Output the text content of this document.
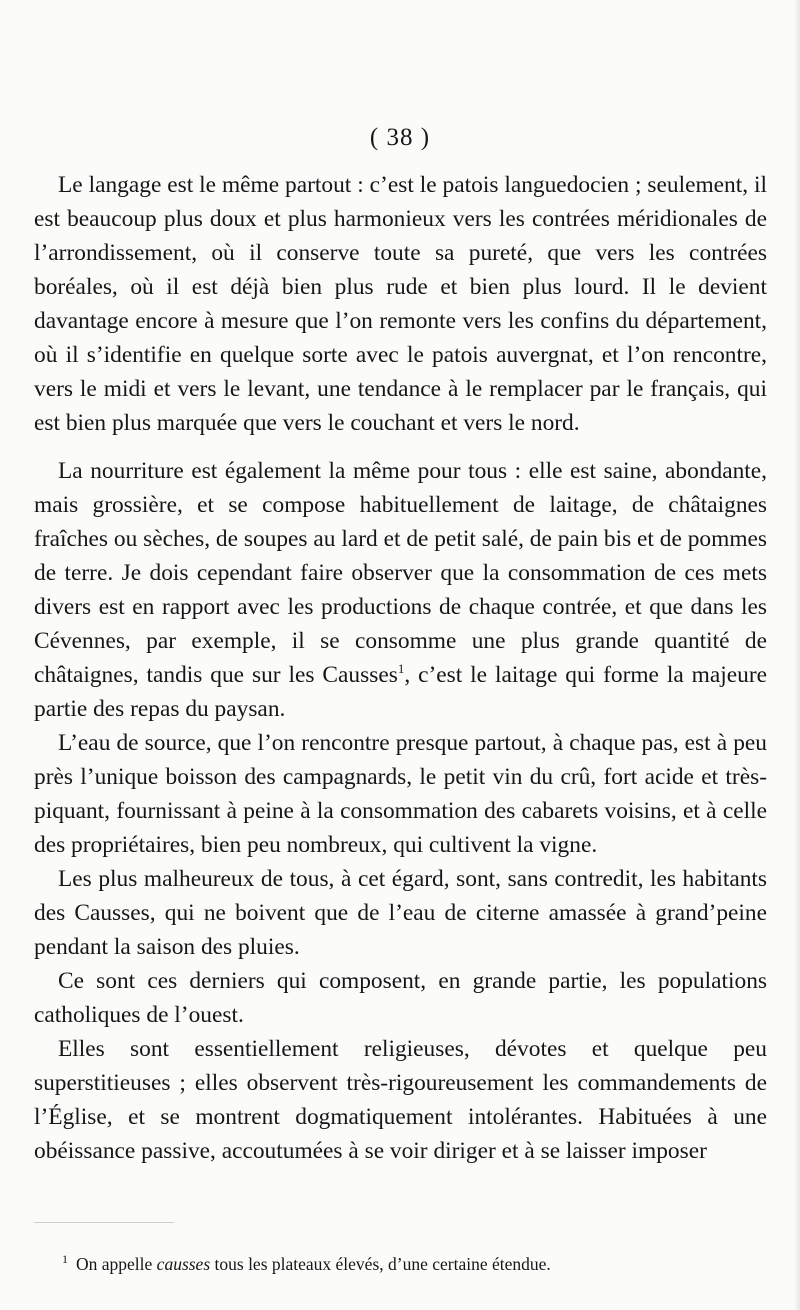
( 38 )

Le langage est le même partout : c’est le patois languedocien ; seulement, il est beaucoup plus doux et plus harmonieux vers les contrées méridionales de l’arrondissement, où il conserve toute sa pureté, que vers les contrées boréales, où il est déjà bien plus rude et bien plus lourd. Il le devient davantage encore à mesure que l’on remonte vers les confins du département, où il s’identifie en quelque sorte avec le patois auvergnat, et l’on rencontre, vers le midi et vers le levant, une tendance à le remplacer par le français, qui est bien plus marquée que vers le couchant et vers le nord.

La nourriture est également la même pour tous : elle est saine, abondante, mais grossière, et se compose habituellement de laitage, de châtaignes fraîches ou sèches, de soupes au lard et de petit salé, de pain bis et de pommes de terre. Je dois cependant faire observer que la consommation de ces mets divers est en rapport avec les productions de chaque contrée, et que dans les Cévennes, par exemple, il se consomme une plus grande quantité de châtaignes, tandis que sur les Causses$^1$, c’est le laitage qui forme la majeure partie des repas du paysan.

L’eau de source, que l’on rencontre presque partout, à chaque pas, est à peu près l’unique boisson des campagnards, le petit vin du crû, fort acide et très-piquant, fournissant à peine à la consommation des cabarets voisins, et à celle des propriétaires, bien peu nombreux, qui cultivent la vigne.

Les plus malheureux de tous, à cet égard, sont, sans contredit, les habitants des Causses, qui ne boivent que de l’eau de citerne amassée à grand’peine pendant la saison des pluies.

Ce sont ces derniers qui composent, en grande partie, les populations catholiques de l’ouest.

Elles sont essentiellement religieuses, dévotes et quelque peu superstitieuses ; elles observent très-rigoureusement les commandements de l’Église, et se montrent dogmatiquement intolérantes. Habituées à une obéissance passive, accoutumées à se voir diriger et à se laisser imposer

$^1$ On appelle causses tous les plateaux élevés, d’une certaine étendue.
